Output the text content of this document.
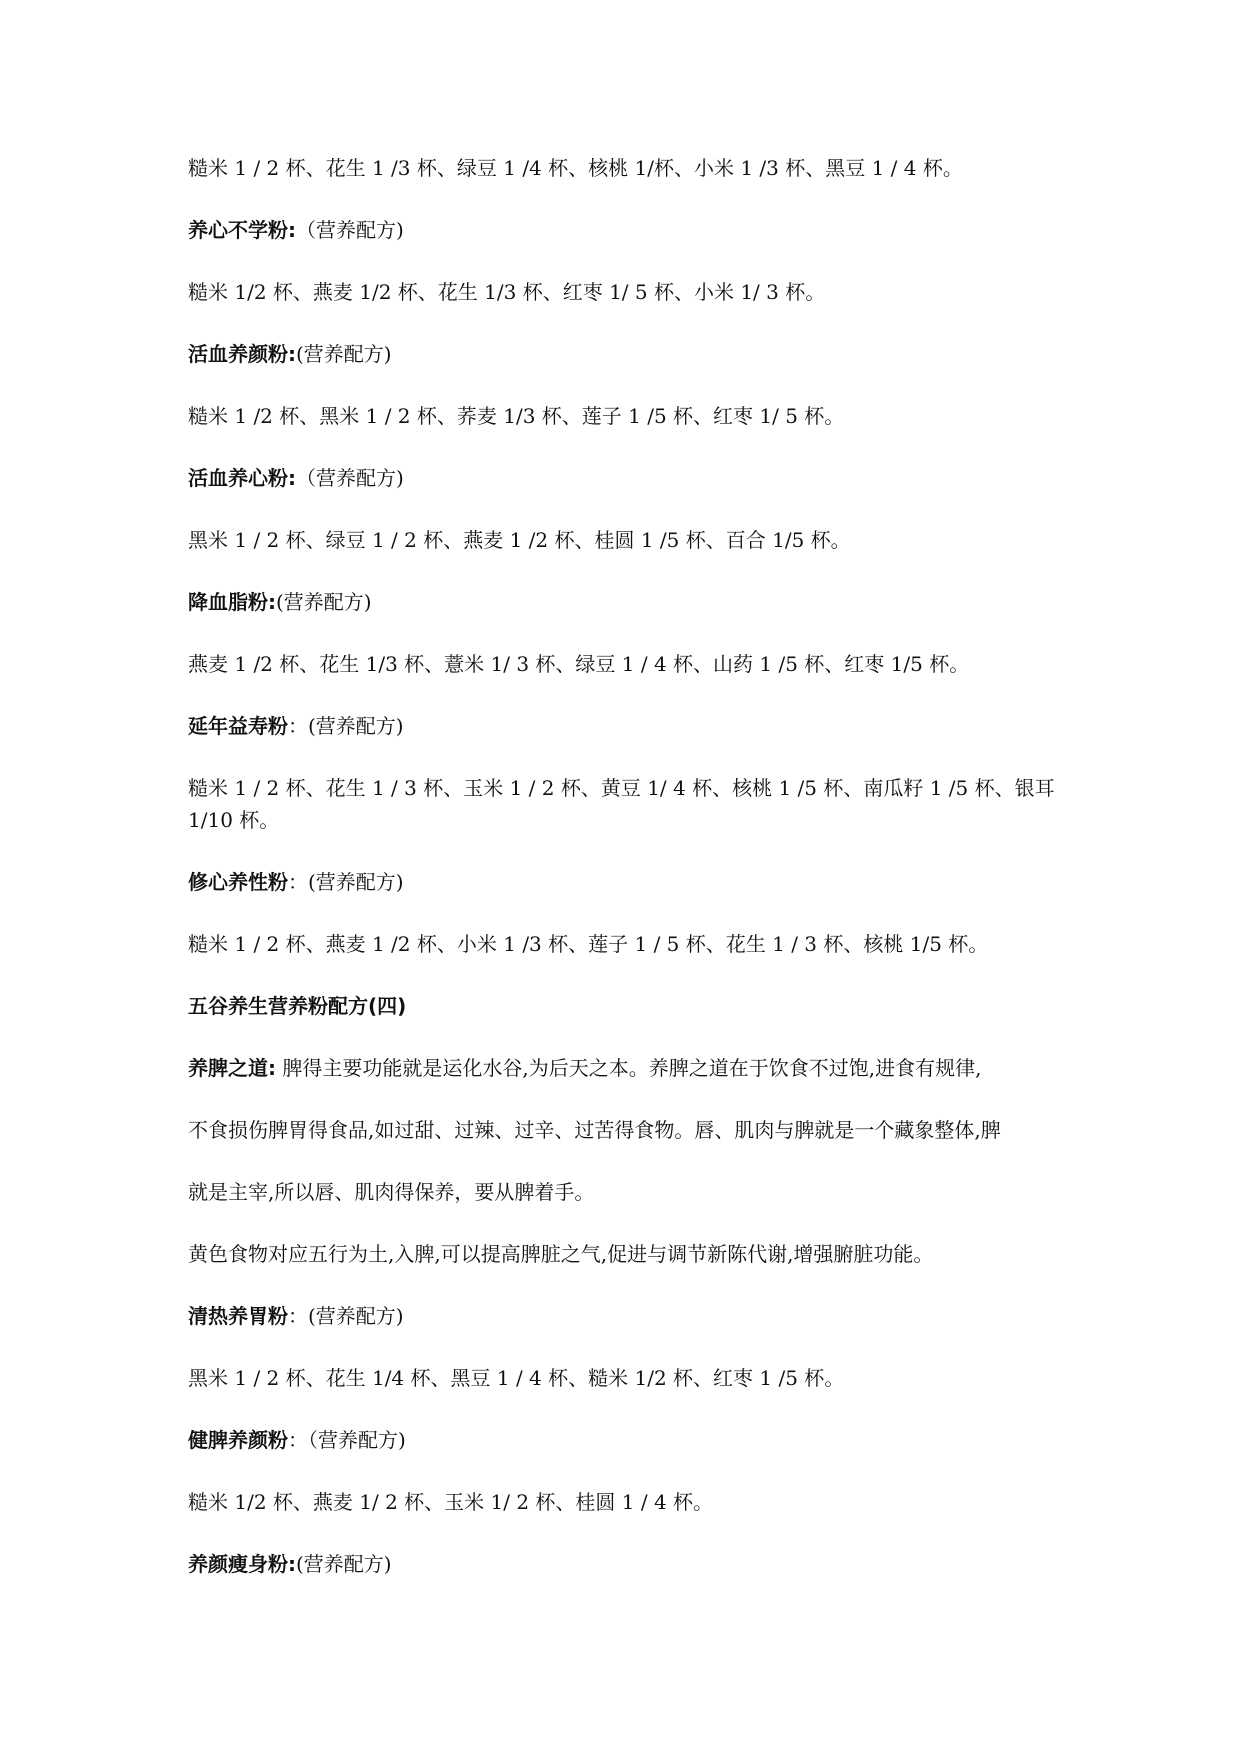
糙米 1 / 2 杯、花生 1 /3 杯、绿豆 1 /4 杯、核桃 1/杯、小米 1 /3 杯、黑豆 1 / 4 杯。

养心不学粉:（营养配方)

糙米 1/2 杯、燕麦 1/2 杯、花生 1/3 杯、红枣 1/ 5 杯、小米 1/ 3 杯。

活血养颜粉:(营养配方)

糙米 1 /2 杯、黑米 1 / 2 杯、荞麦 1/3 杯、莲子 1 /5 杯、红枣 1/ 5 杯。

活血养心粉:（营养配方)

黑米 1 / 2 杯、绿豆 1 / 2 杯、燕麦 1 /2 杯、桂圆 1 /5 杯、百合 1/5 杯。

降血脂粉:(营养配方)

燕麦 1 /2 杯、花生 1/3 杯、薏米 1/ 3 杯、绿豆 1 / 4 杯、山药 1 /5 杯、红枣 1/5 杯。

延年益寿粉：(营养配方)

糙米 1 / 2 杯、花生 1 / 3 杯、玉米 1 / 2 杯、黄豆 1/ 4 杯、核桃 1 /5 杯、南瓜籽 1 /5 杯、银耳 1/10 杯。

修心养性粉：(营养配方)

糙米 1 / 2 杯、燕麦 1 /2 杯、小米 1 /3 杯、莲子 1 / 5 杯、花生 1 / 3 杯、核桃 1/5 杯。

五谷养生营养粉配方(四)

养脾之道: 脾得主要功能就是运化水谷,为后天之本。养脾之道在于饮食不过饱,进食有规律,

不食损伤脾胃得食品,如过甜、过辣、过辛、过苦得食物。唇、肌肉与脾就是一个藏象整体,脾

就是主宰,所以唇、肌肉得保养，要从脾着手。

黄色食物对应五行为土,入脾,可以提高脾脏之气,促进与调节新陈代谢,增强腑脏功能。

清热养胃粉：(营养配方)

黑米 1 / 2 杯、花生 1/4 杯、黑豆 1 / 4 杯、糙米 1/2 杯、红枣 1 /5 杯。

健脾养颜粉：（营养配方)

糙米 1/2 杯、燕麦 1/ 2 杯、玉米 1/ 2 杯、桂圆 1 / 4 杯。

养颜瘦身粉:(营养配方)
